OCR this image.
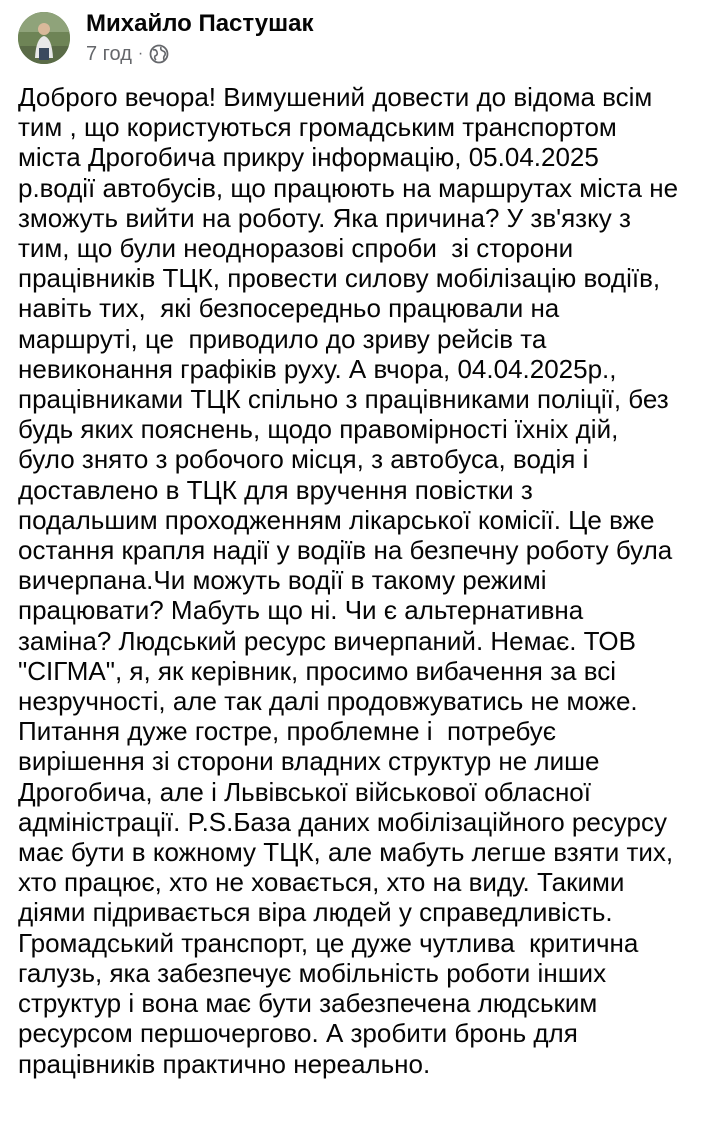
Михайло Пастушак
7 год ·
Доброго вечора! Вимушений довести до відома всім
тим , що користуються громадським транспортом
міста Дрогобича прикру інформацію, 05.04.2025
р.водії автобусів, що працюють на маршрутах міста не
зможуть вийти на роботу. Яка причина? У зв'язку з
тим, що були неодноразові спроби  зі сторони
працівників ТЦК, провести силову мобілізацію водіїв,
навіть тих,  які безпосередньо працювали на
маршруті, це  приводило до зриву рейсів та
невиконання графіків руху. А вчора, 04.04.2025р.,
працівниками ТЦК спільно з працівниками поліції, без
будь яких пояснень, щодо правомірності їхніх дій,
було знято з робочого місця, з автобуса, водія і
доставлено в ТЦК для вручення повістки з
подальшим проходженням лікарської комісії. Це вже
остання крапля надії у водіїв на безпечну роботу була
вичерпана.Чи можуть водії в такому режимі
працювати? Мабуть що ні. Чи є альтернативна
заміна? Людський ресурс вичерпаний. Немає. ТОВ
"СІГМА", я, як керівник, просимо вибачення за всі
незручності, але так далі продовжуватись не може.
Питання дуже гостре, проблемне і  потребує
вирішення зі сторони владних структур не лише
Дрогобича, але і Львівської військової обласної
адміністрації. P.S.База даних мобілізаційного ресурсу
має бути в кожному ТЦК, але мабуть легше взяти тих,
хто працює, хто не ховається, хто на виду. Такими
діями підривається віра людей у справедливість.
Громадський транспорт, це дуже чутлива  критична
галузь, яка забезпечує мобільність роботи інших
структур і вона має бути забезпечена людським
ресурсом першочергово. А зробити бронь для
працівників практично нереально.
